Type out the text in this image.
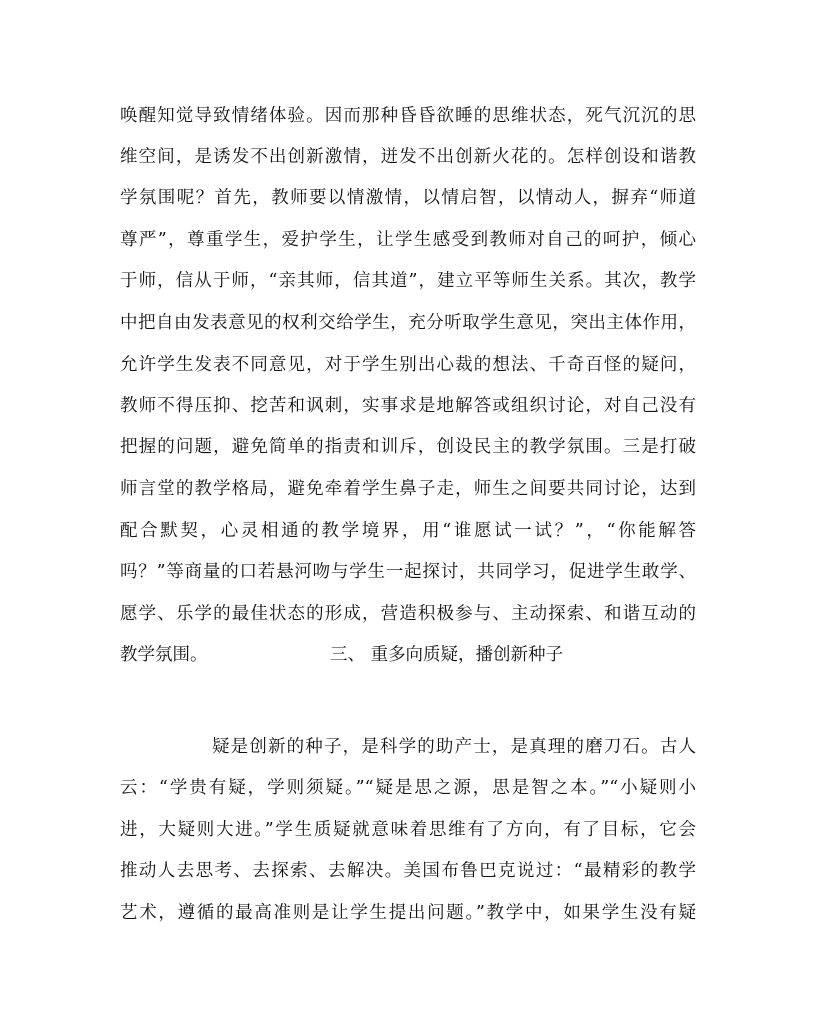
唤醒知觉导致情绪体验。因而那种昏昏欲睡的思维状态，死气沉沉的思
维空间，是诱发不出创新激情，迸发不出创新火花的。怎样创设和谐教
学氛围呢？首先，教师要以情激情，以情启智，以情动人，摒弃“师道
尊严”，尊重学生，爱护学生，让学生感受到教师对自己的呵护，倾心
于师，信从于师，“亲其师，信其道”，建立平等师生关系。其次，教学
中把自由发表意见的权利交给学生，充分听取学生意见，突出主体作用，
允许学生发表不同意见，对于学生别出心裁的想法、千奇百怪的疑问，
教师不得压抑、挖苦和讽刺，实事求是地解答或组织讨论，对自己没有
把握的问题，避免简单的指责和训斥，创设民主的教学氛围。三是打破
师言堂的教学格局，避免牵着学生鼻子走，师生之间要共同讨论，达到
配合默契，心灵相通的教学境界，用“谁愿试一试？”，“你能解答
吗？”等商量的口若悬河吻与学生一起探讨，共同学习，促进学生敢学、
愿学、乐学的最佳状态的形成，营造积极参与、主动探索、和谐互动的
教学氛围。	三、 重多向质疑，播创新种子
疑是创新的种子，是科学的助产士，是真理的磨刀石。古人
云：“学贵有疑，学则须疑。”“疑是思之源，思是智之本。”“小疑则小
进，大疑则大进。”学生质疑就意味着思维有了方向，有了目标，它会
推动人去思考、去探索、去解决。美国布鲁巴克说过：“最精彩的教学
艺术，遵循的最高准则是让学生提出问题。”教学中，如果学生没有疑
